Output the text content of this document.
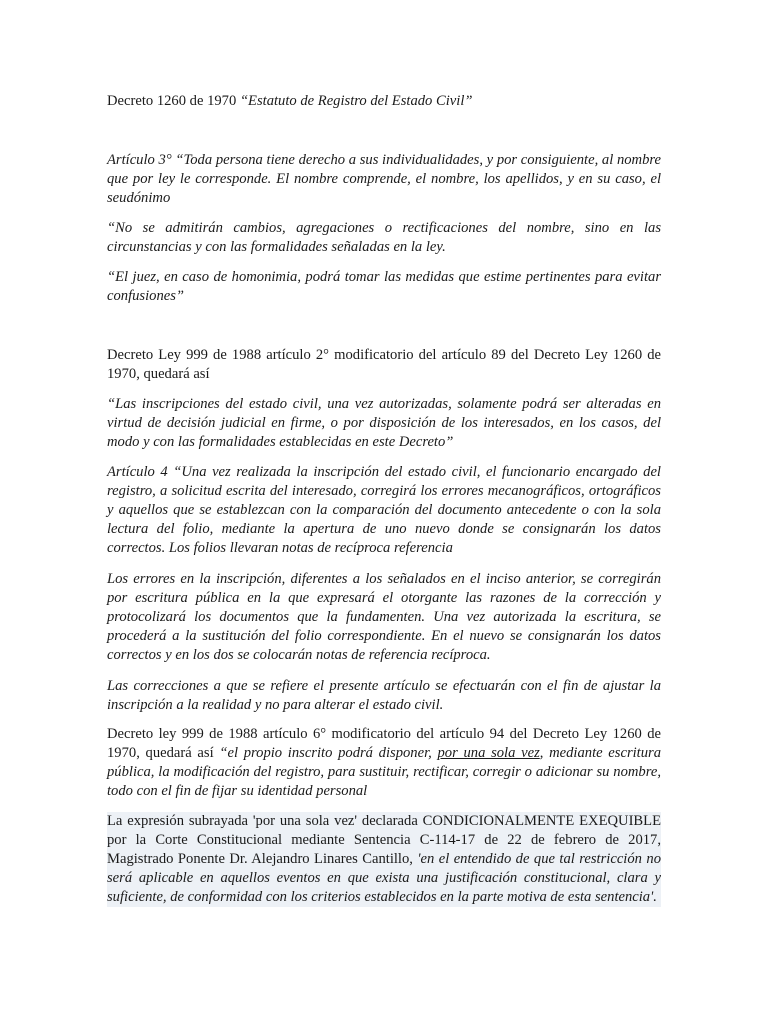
Decreto 1260 de 1970 “Estatuto de Registro del Estado Civil”

Artículo 3° “Toda persona tiene derecho a sus individualidades, y por consiguiente, al nombre que por ley le corresponde. El nombre comprende, el nombre, los apellidos, y en su caso, el seudónimo

“No se admitirán cambios, agregaciones o rectificaciones del nombre, sino en las circunstancias y con las formalidades señaladas en la ley.

“El juez, en caso de homonimia, podrá tomar las medidas que estime pertinentes para evitar confusiones”

Decreto Ley 999 de 1988 artículo 2° modificatorio del artículo 89 del Decreto Ley 1260 de 1970, quedará así

“Las inscripciones del estado civil, una vez autorizadas, solamente podrá ser alteradas en virtud de decisión judicial en firme, o por disposición de los interesados, en los casos, del modo y con las formalidades establecidas en este Decreto”

Artículo 4 “Una vez realizada la inscripción del estado civil, el funcionario encargado del registro, a solicitud escrita del interesado, corregirá los errores mecanográficos, ortográficos y aquellos que se establezcan con la comparación del documento antecedente o con la sola lectura del folio, mediante la apertura de uno nuevo donde se consignarán los datos correctos. Los folios llevaran notas de recíproca referencia

Los errores en la inscripción, diferentes a los señalados en el inciso anterior, se corregirán por escritura pública en la que expresará el otorgante las razones de la corrección y protocolizará los documentos que la fundamenten. Una vez autorizada la escritura, se procederá a la sustitución del folio correspondiente. En el nuevo se consignarán los datos correctos y en los dos se colocarán notas de referencia recíproca.

Las correcciones a que se refiere el presente artículo se efectuarán con el fin de ajustar la inscripción a la realidad y no para alterar el estado civil.

Decreto ley 999 de 1988 artículo 6° modificatorio del artículo 94 del Decreto Ley 1260 de 1970, quedará así “el propio inscrito podrá disponer, por una sola vez, mediante escritura pública, la modificación del registro, para sustituir, rectificar, corregir o adicionar su nombre, todo con el fin de fijar su identidad personal

La expresión subrayada 'por una sola vez' declarada CONDICIONALMENTE EXEQUIBLE por la Corte Constitucional mediante Sentencia C-114-17 de 22 de febrero de 2017, Magistrado Ponente Dr. Alejandro Linares Cantillo, 'en el entendido de que tal restricción no será aplicable en aquellos eventos en que exista una justificación constitucional, clara y suficiente, de conformidad con los criterios establecidos en la parte motiva de esta sentencia'.
